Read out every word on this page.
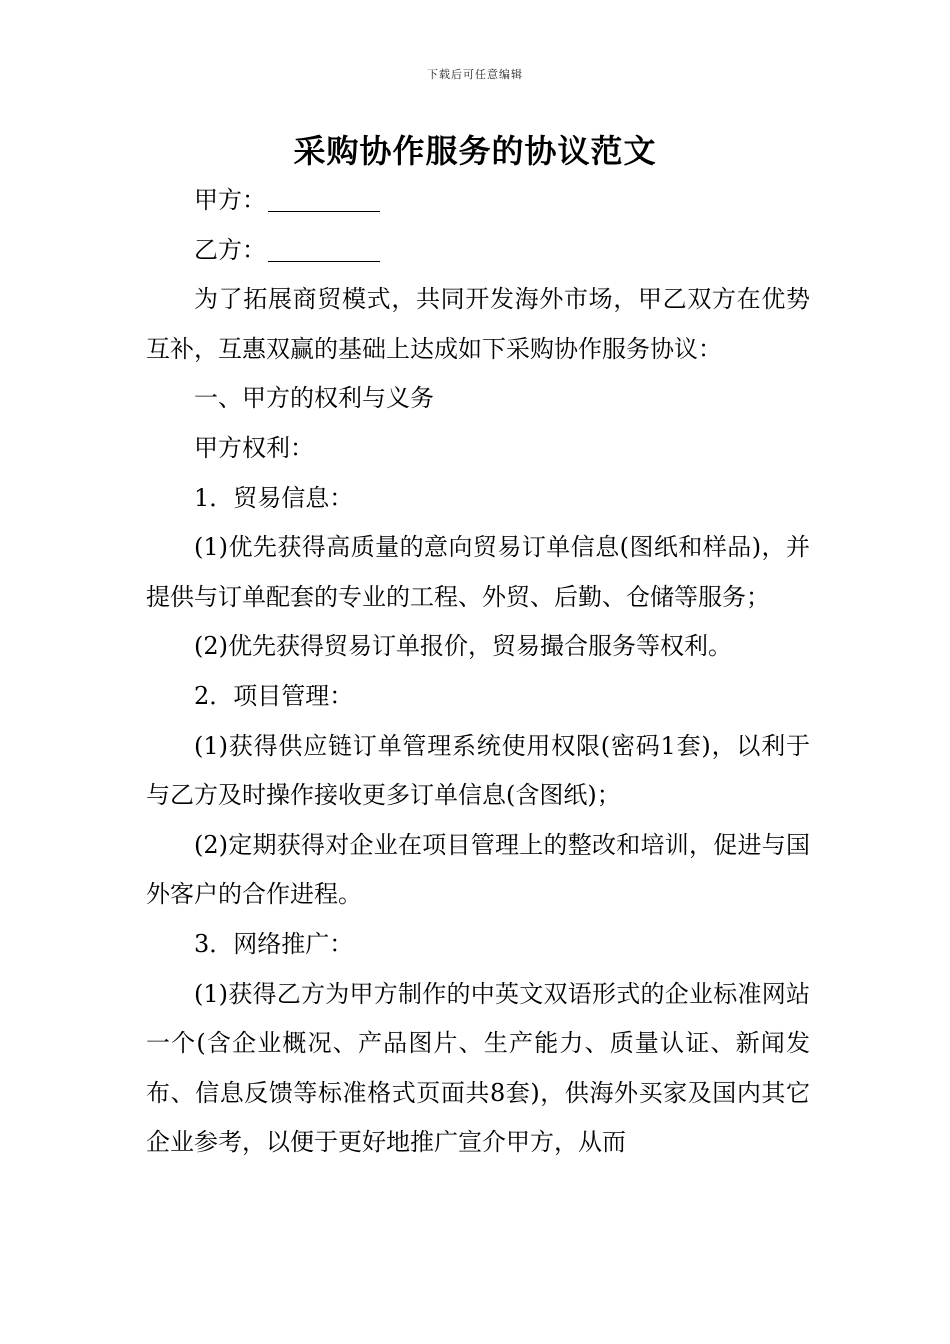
下载后可任意编辑
采购协作服务的协议范文

甲方：

乙方：

为了拓展商贸模式，共同开发海外市场，甲乙双方在优势互补，互惠双赢的基础上达成如下采购协作服务协议：

一、甲方的权利与义务

甲方权利：

1．贸易信息：

(1)优先获得高质量的意向贸易订单信息(图纸和样品)，并提供与订单配套的专业的工程、外贸、后勤、仓储等服务；

(2)优先获得贸易订单报价，贸易撮合服务等权利。

2．项目管理：

(1)获得供应链订单管理系统使用权限(密码1套)，以利于与乙方及时操作接收更多订单信息(含图纸)；

(2)定期获得对企业在项目管理上的整改和培训，促进与国外客户的合作进程。

3．网络推广：

(1)获得乙方为甲方制作的中英文双语形式的企业标准网站一个(含企业概况、产品图片、生产能力、质量认证、新闻发布、信息反馈等标准格式页面共8套)，供海外买家及国内其它企业参考，以便于更好地推广宣介甲方，从而
